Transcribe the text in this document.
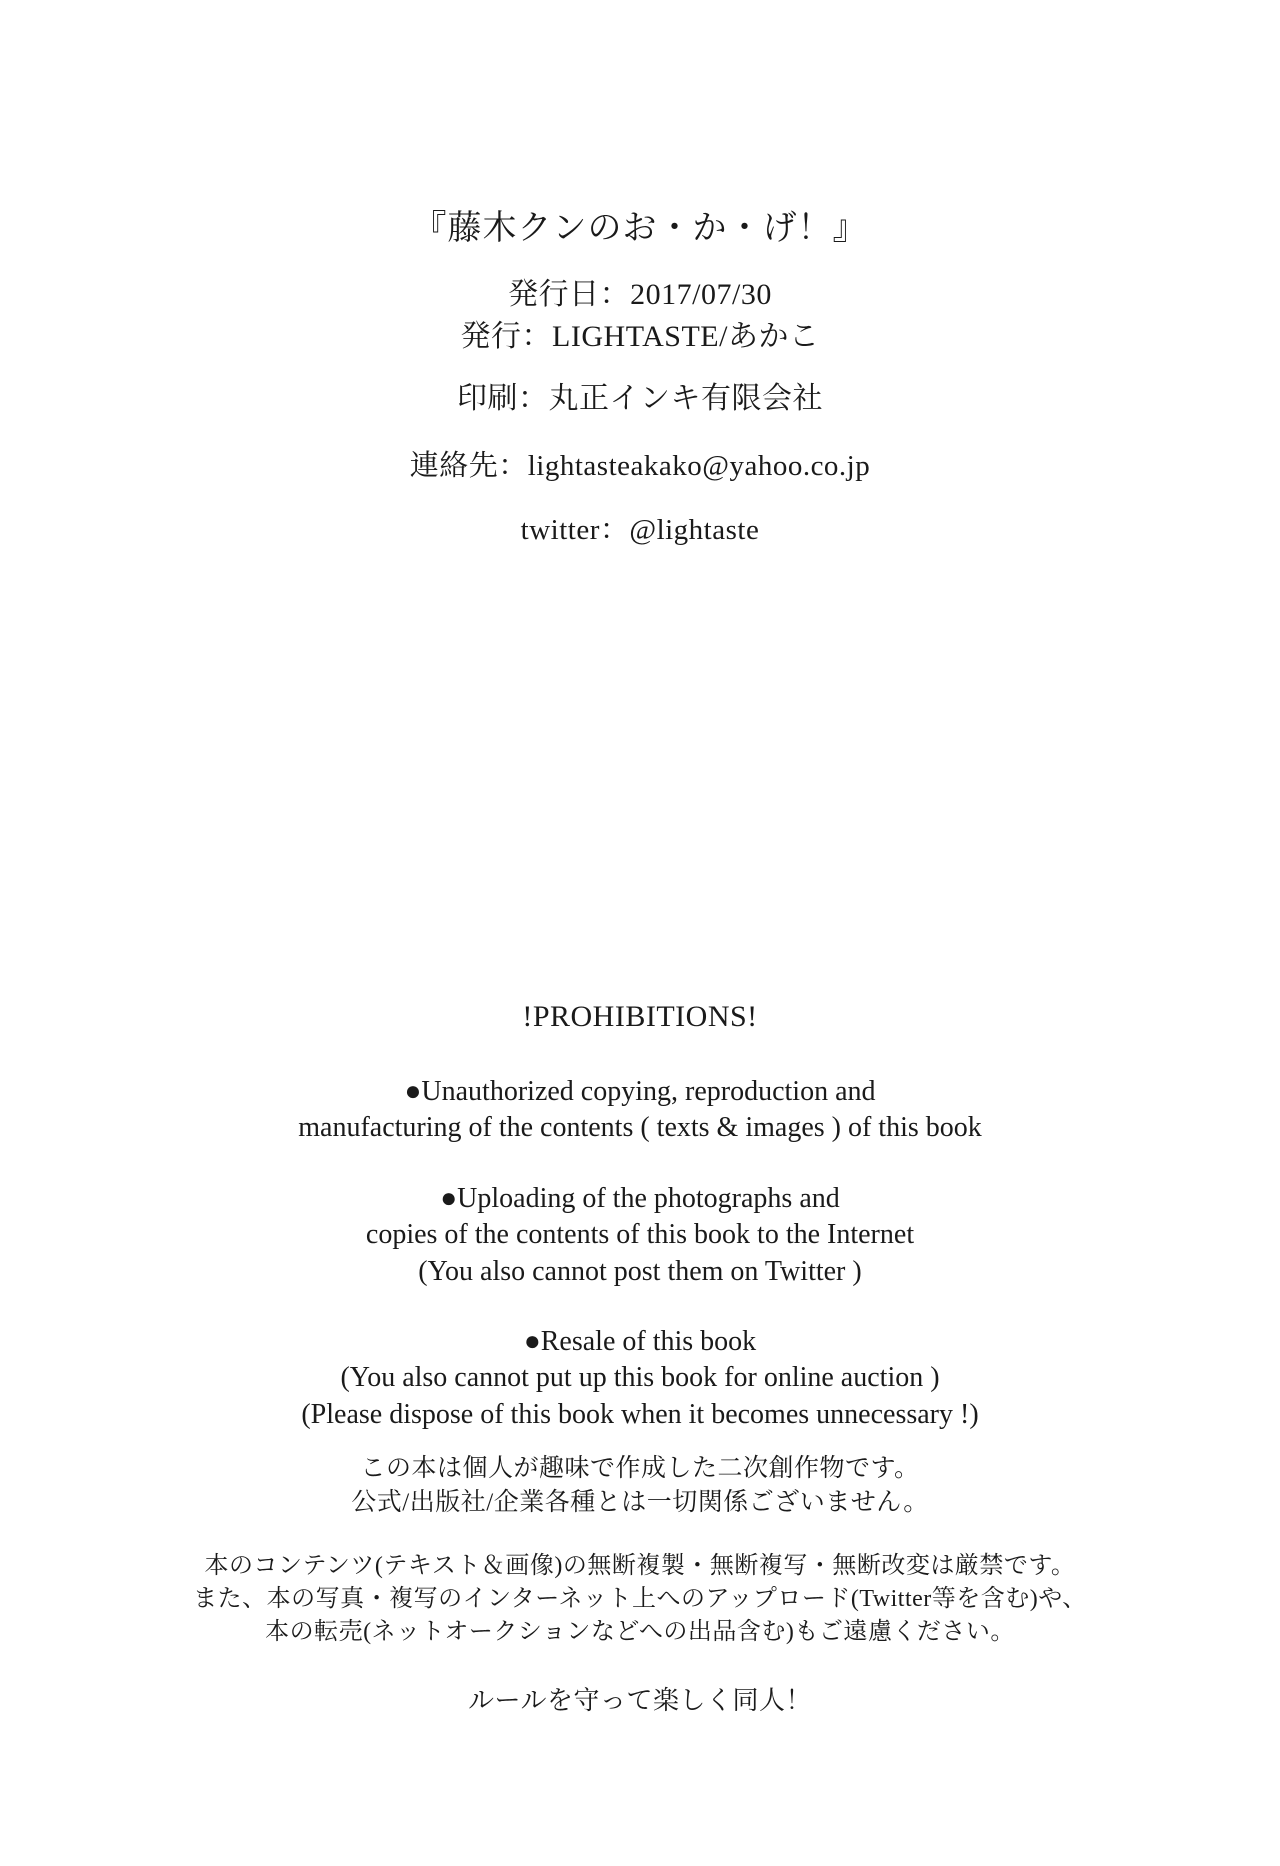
『藤木クンのお・か・げ！』
発行日：2017/07/30
発行：LIGHTASTE/あかこ
印刷：丸正インキ有限会社
連絡先：lightasteakako@yahoo.co.jp
twitter：@lightaste
!PROHIBITIONS!
●Unauthorized copying, reproduction and
manufacturing of the contents ( texts & images ) of this book
●Uploading of the photographs and
copies of the contents of this book to the Internet
(You also cannot post them on Twitter )
●Resale of this book
(You also cannot put up this book for online auction )
(Please dispose of this book when it becomes unnecessary !)
この本は個人が趣味で作成した二次創作物です。
公式/出版社/企業各種とは一切関係ございません。
本のコンテンツ(テキスト＆画像)の無断複製・無断複写・無断改変は厳禁です。
また、本の写真・複写のインターネット上へのアップロード(Twitter等を含む)や、
本の転売(ネットオークションなどへの出品含む)もご遠慮ください。
ルールを守って楽しく同人！
